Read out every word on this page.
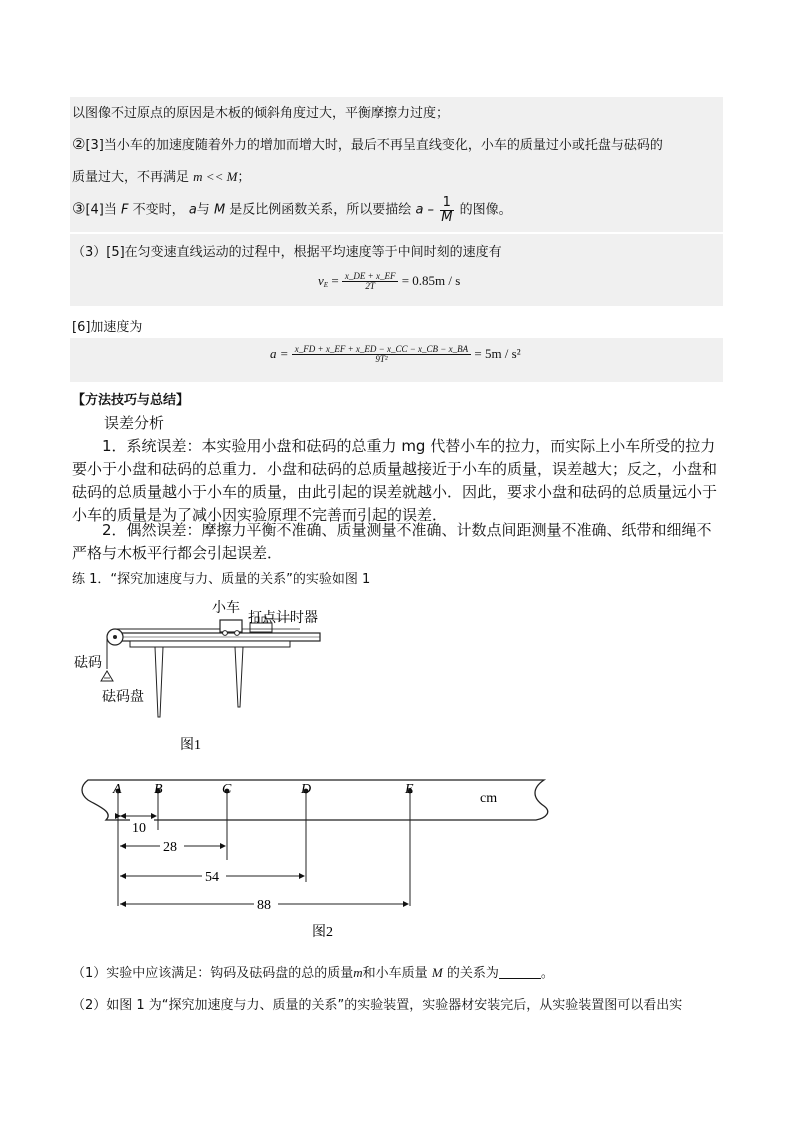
以图像不过原点的原因是木板的倾斜角度过大，平衡摩擦力过度；
②[3]当小车的加速度随着外力的增加而增大时，最后不再呈直线变化，小车的质量过小或托盘与砝码的
质量过大，不再满足 m << M；
③[4]当 F 不变时， a与 M 是反比例函数关系，所以要描绘 a – $\frac{1}{M}$ 的图像。
（3）[5]在匀变速直线运动的过程中，根据平均速度等于中间时刻的速度有
$v_E = \frac{x\_DE + x\_EF}{2T} = 0.85m / s$
[6]加速度为
$a = \frac{x\_FD + x\_EF + x\_ED - x\_CC - x\_CB - x\_BA}{\text{9T²}} = 5m / s^2$
【方法技巧与总结】
误差分析
1．系统误差：本实验用小盘和砝码的总重力 mg 代替小车的拉力，而实际上小车所受的拉力要小于小盘和砝码的总重力．小盘和砝码的总质量越接近于小车的质量，误差越大；反之，小盘和砝码的总质量越小于小车的质量，由此引起的误差就越小．因此，要求小盘和砝码的总质量远小于小车的质量是为了减小因实验原理不完善而引起的误差．
2．偶然误差：摩擦力平衡不准确、质量测量不准确、计数点间距测量不准确、纸带和细绳不严格与木板平行都会引起误差．
练 1．“探究加速度与力、质量的关系”的实验如图 1
小车
打点计时器
砝码
砝码盘
图1
A B	C	D	E
cm
10
28
54
88
图2
（1）实验中应该满足：钩码及砝码盘的总的质量m和小车质量 M 的关系为	。
（2）如图 1 为“探究加速度与力、质量的关系”的实验装置，实验器材安装完后，从实验装置图可以看出实
